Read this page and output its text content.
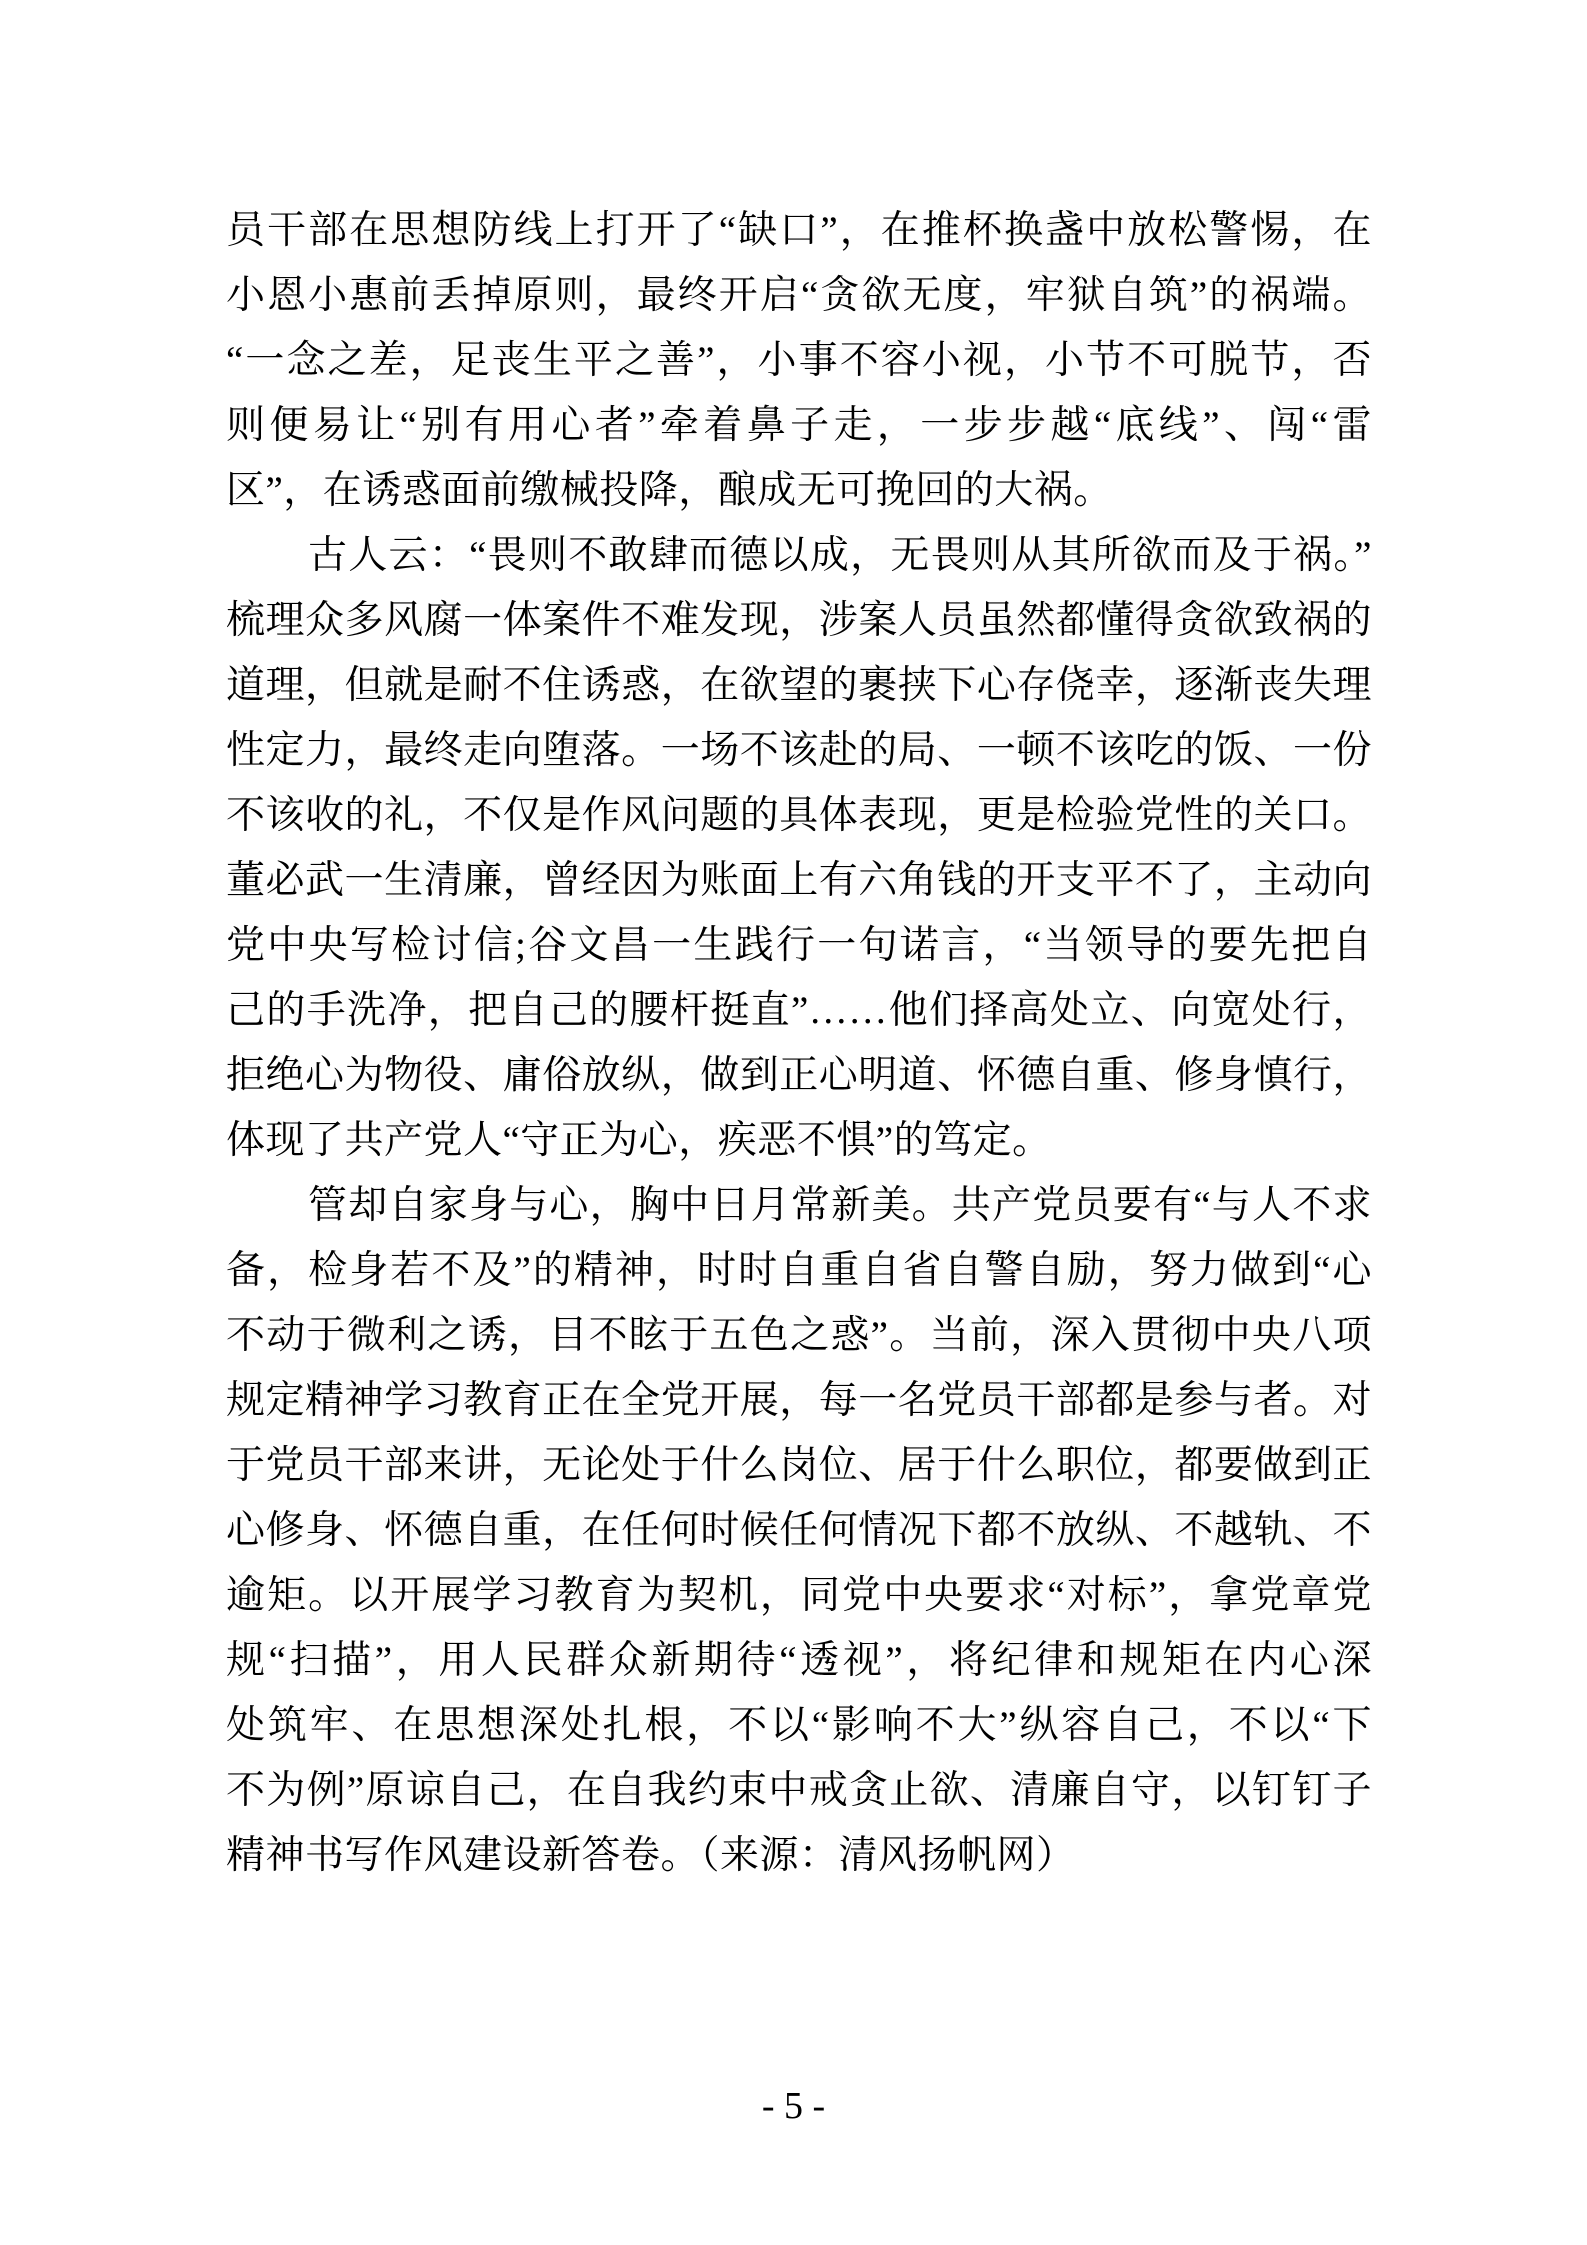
员干部在思想防线上打开了“缺口”，在推杯换盏中放松警惕，在
小恩小惠前丢掉原则，最终开启“贪欲无度，牢狱自筑”的祸端。
“一念之差，足丧生平之善”，小事不容小视，小节不可脱节，否
则便易让“别有用心者”牵着鼻子走，一步步越“底线”、闯“雷
区”，在诱惑面前缴械投降，酿成无可挽回的大祸。
古人云：“畏则不敢肆而德以成，无畏则从其所欲而及于祸。”
梳理众多风腐一体案件不难发现，涉案人员虽然都懂得贪欲致祸的
道理，但就是耐不住诱惑，在欲望的裹挟下心存侥幸，逐渐丧失理
性定力，最终走向堕落。一场不该赴的局、一顿不该吃的饭、一份
不该收的礼，不仅是作风问题的具体表现，更是检验党性的关口。
董必武一生清廉，曾经因为账面上有六角钱的开支平不了，主动向
党中央写检讨信;谷文昌一生践行一句诺言，“当领导的要先把自
己的手洗净，把自己的腰杆挺直”……他们择高处立、向宽处行，
拒绝心为物役、庸俗放纵，做到正心明道、怀德自重、修身慎行，
体现了共产党人“守正为心，疾恶不惧”的笃定。
管却自家身与心，胸中日月常新美。共产党员要有“与人不求
备，检身若不及”的精神，时时自重自省自警自励，努力做到“心
不动于微利之诱，目不眩于五色之惑”。当前，深入贯彻中央八项
规定精神学习教育正在全党开展，每一名党员干部都是参与者。对
于党员干部来讲，无论处于什么岗位、居于什么职位，都要做到正
心修身、怀德自重，在任何时候任何情况下都不放纵、不越轨、不
逾矩。以开展学习教育为契机，同党中央要求“对标”，拿党章党
规“扫描”，用人民群众新期待“透视”，将纪律和规矩在内心深
处筑牢、在思想深处扎根，不以“影响不大”纵容自己，不以“下
不为例”原谅自己，在自我约束中戒贪止欲、清廉自守，以钉钉子
精神书写作风建设新答卷。（来源：清风扬帆网）
- 5 -
